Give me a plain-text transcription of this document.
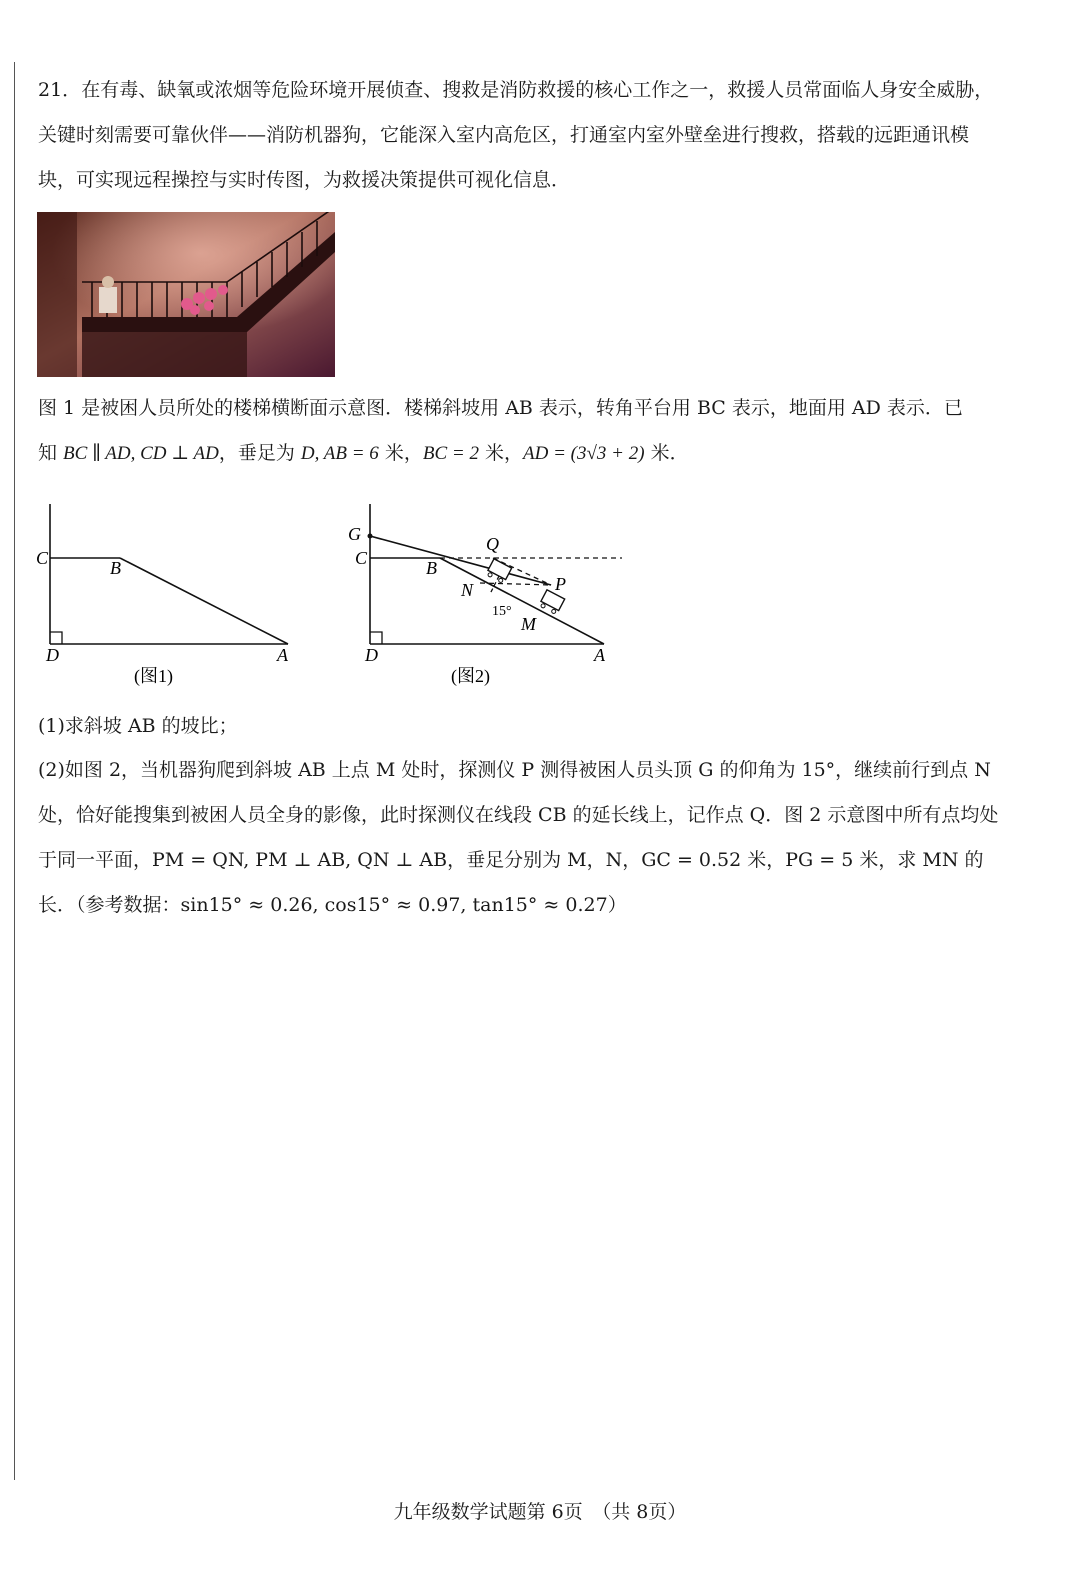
21．在有毒、缺氧或浓烟等危险环境开展侦查、搜救是消防救援的核心工作之一，救援人员常面临人身安全威胁，关键时刻需要可靠伙伴——消防机器狗，它能深入室内高危区，打通室内室外壁垒进行搜救，搭载的远距通讯模块，可实现远程操控与实时传图，为救援决策提供可视化信息．
图 1 是被困人员所处的楼梯横断面示意图．楼梯斜坡用 AB 表示，转角平台用 BC 表示，地面用 AD 表示．已
知 BC ∥ AD, CD ⊥ AD，垂足为 D, AB = 6 米，BC = 2 米，AD = (3√3 + 2) 米．
C	B
D	A
(图1)
G
C	B
Q
N	P
15°
M
D	A
(图2)
(1)求斜坡 AB 的坡比；
(2)如图 2，当机器狗爬到斜坡 AB 上点 M 处时，探测仪 P 测得被困人员头顶 G 的仰角为 15°，继续前行到点 N 处，恰好能搜集到被困人员全身的影像，此时探测仪在线段 CB 的延长线上，记作点 Q．图 2 示意图中所有点均处于同一平面，PM = QN, PM ⊥ AB, QN ⊥ AB，垂足分别为 M，N，GC = 0.52 米，PG = 5 米，求 MN 的长．（参考数据：sin15° ≈ 0.26, cos15° ≈ 0.97, tan15° ≈ 0.27）
九年级数学试题第 6页　（共 8页）
